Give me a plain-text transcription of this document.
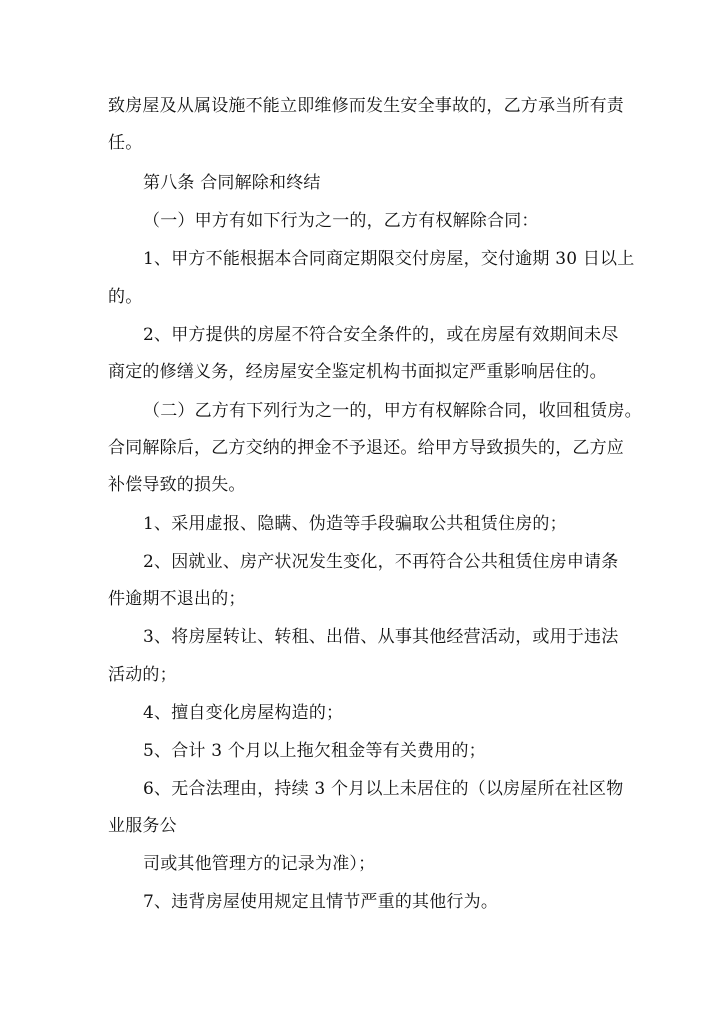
致房屋及从属设施不能立即维修而发生安全事故的，乙方承当所有责
任。
第八条 合同解除和终结
（一）甲方有如下行为之一的，乙方有权解除合同：
1、甲方不能根据本合同商定期限交付房屋，交付逾期 30 日以上
的。
2、甲方提供的房屋不符合安全条件的，或在房屋有效期间未尽
商定的修缮义务，经房屋安全鉴定机构书面拟定严重影响居住的。
（二）乙方有下列行为之一的，甲方有权解除合同，收回租赁房。
合同解除后，乙方交纳的押金不予退还。给甲方导致损失的，乙方应
补偿导致的损失。
1、采用虚报、隐瞒、伪造等手段骗取公共租赁住房的；
2、因就业、房产状况发生变化，不再符合公共租赁住房申请条
件逾期不退出的；
3、将房屋转让、转租、出借、从事其他经营活动，或用于违法
活动的；
4、擅自变化房屋构造的；
5、合计 3 个月以上拖欠租金等有关费用的；
6、无合法理由，持续 3 个月以上未居住的（以房屋所在社区物
业服务公
司或其他管理方的记录为准）；
7、违背房屋使用规定且情节严重的其他行为。
